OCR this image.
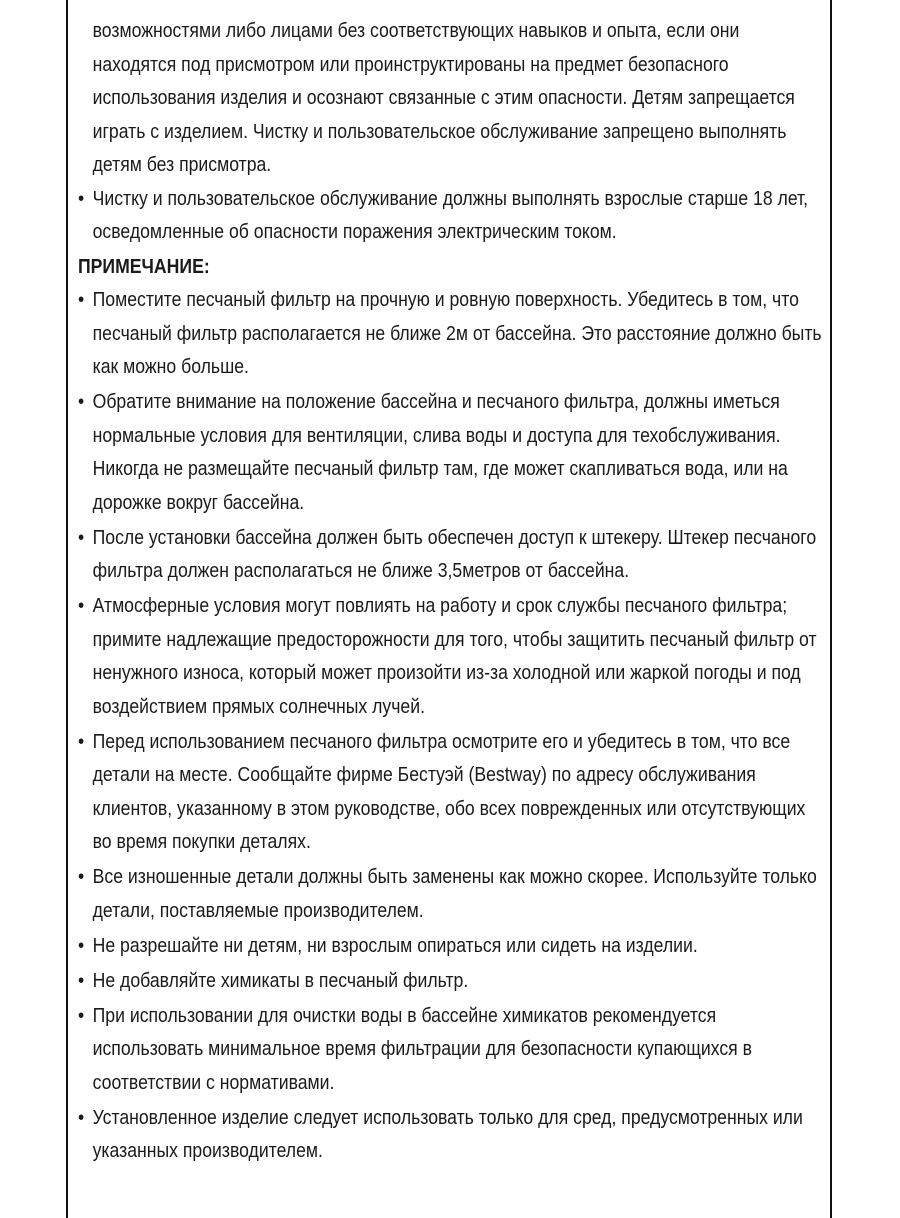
возможностями либо лицами без соответствующих навыков и опыта, если они находятся под присмотром или проинструктированы на предмет безопасного использования изделия и осознают связанные с этим опасности. Детям запрещается играть с изделием. Чистку и пользовательское обслуживание запрещено выполнять детям без присмотра.

• Чистку и пользовательское обслуживание должны выполнять взрослые старше 18 лет, осведомленные об опасности поражения электрическим током.

ПРИМЕЧАНИЕ:

• Поместите песчаный фильтр на прочную и ровную поверхность. Убедитесь в том, что песчаный фильтр располагается не ближе 2м от бассейна. Это расстояние должно быть как можно больше.
• Обратите внимание на положение бассейна и песчаного фильтра, должны иметься нормальные условия для вентиляции, слива воды и доступа для техобслуживания. Никогда не размещайте песчаный фильтр там, где может скапливаться вода, или на дорожке вокруг бассейна.
• После установки бассейна должен быть обеспечен доступ к штекеру. Штекер песчаного фильтра должен располагаться не ближе 3,5метров от бассейна.
• Атмосферные условия могут повлиять на работу и срок службы песчаного фильтра; примите надлежащие предосторожности для того, чтобы защитить песчаный фильтр от ненужного износа, который может произойти из-за холодной или жаркой погоды и под воздействием прямых солнечных лучей.
• Перед использованием песчаного фильтра осмотрите его и убедитесь в том, что все детали на месте. Сообщайте фирме Бестуэй (Bestway) по адресу обслуживания клиентов, указанному в этом руководстве, обо всех поврежденных или отсутствующих во время покупки деталях.
• Все изношенные детали должны быть заменены как можно скорее. Используйте только детали, поставляемые производителем.
• Не разрешайте ни детям, ни взрослым опираться или сидеть на изделии.
• Не добавляйте химикаты в песчаный фильтр.
• При использовании для очистки воды в бассейне химикатов рекомендуется использовать минимальное время фильтрации для безопасности купающихся в соответствии с нормативами.
• Установленное изделие следует использовать только для сред, предусмотренных или указанных производителем.
